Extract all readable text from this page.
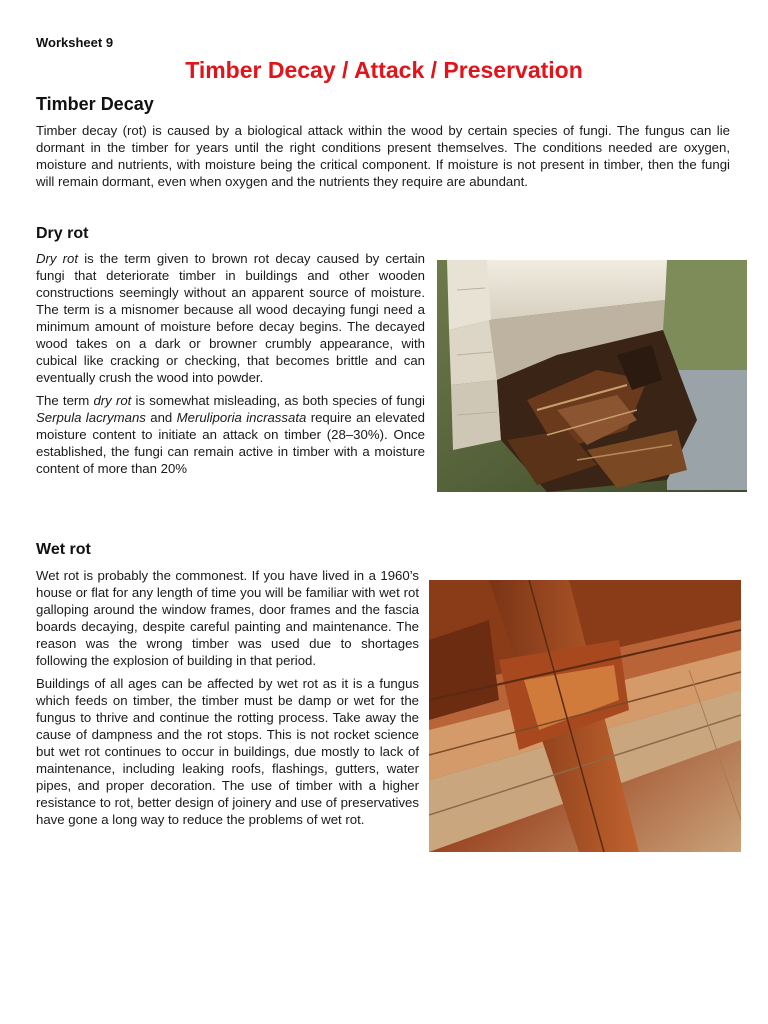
Worksheet 9
Timber Decay / Attack / Preservation
Timber Decay

Timber decay (rot) is caused by a biological attack within the wood by certain species of fungi. The fungus can lie dormant in the timber for years until the right conditions present themselves. The conditions needed are oxygen, moisture and nutrients, with moisture being the critical component. If moisture is not present in timber, then the fungi will remain dormant, even when oxygen and the nutrients they require are abundant.

Dry rot

Dry rot is the term given to brown rot decay caused by certain fungi that deteriorate timber in buildings and other wooden constructions seemingly without an apparent source of moisture. The term is a misnomer because all wood decaying fungi need a minimum amount of moisture before decay begins. The decayed wood takes on a dark or browner crumbly appearance, with cubical like cracking or checking, that becomes brittle and can eventually crush the wood into powder.

The term dry rot is somewhat misleading, as both species of fungi Serpula lacrymans and Meruliporia incrassata require an elevated moisture content to initiate an attack on timber (28–30%). Once established, the fungi can remain active in timber with a moisture content of more than 20%

Wet rot

Wet rot is probably the commonest. If you have lived in a 1960’s house or flat for any length of time you will be familiar with wet rot galloping around the window frames, door frames and the fascia boards decaying, despite careful painting and maintenance. The reason was the wrong timber was used due to shortages following the explosion of building in that period.

Buildings of all ages can be affected by wet rot as it is a fungus which feeds on timber, the timber must be damp or wet for the fungus to thrive and continue the rotting process. Take away the cause of dampness and the rot stops. This is not rocket science but wet rot continues to occur in buildings, due mostly to lack of maintenance, including leaking roofs, flashings, gutters, water pipes, and proper decoration. The use of timber with a higher resistance to rot, better design of joinery and use of preservatives have gone a long way to reduce the problems of wet rot.
